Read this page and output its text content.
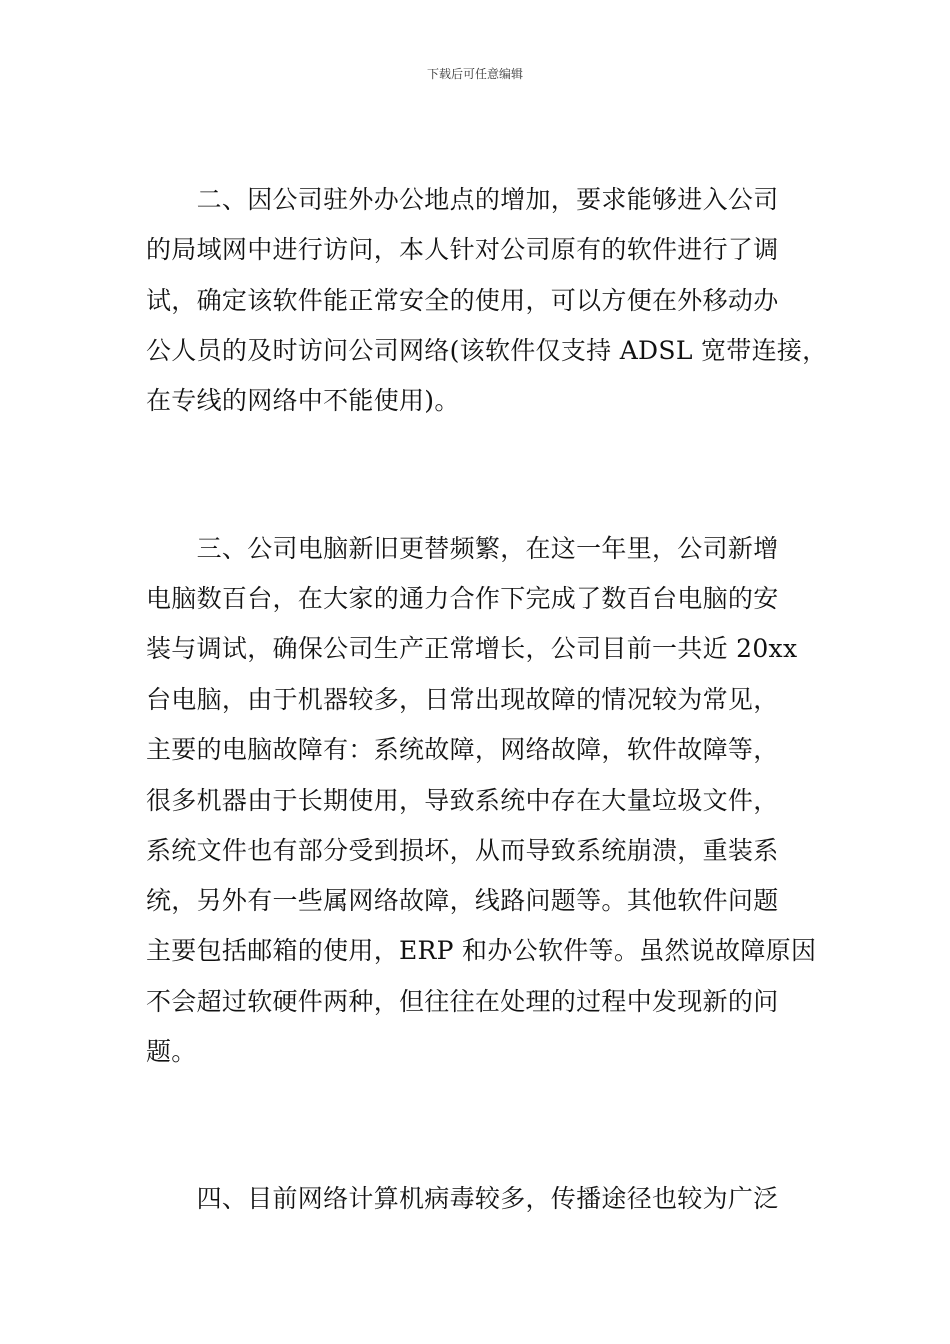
下载后可任意编辑
　　二、因公司驻外办公地点的增加，要求能够进入公司
的局域网中进行访问，本人针对公司原有的软件进行了调
试，确定该软件能正常安全的使用，可以方便在外移动办
公人员的及时访问公司网络(该软件仅支持 ADSL 宽带连接，
在专线的网络中不能使用)。
　　三、公司电脑新旧更替频繁，在这一年里，公司新增
电脑数百台，在大家的通力合作下完成了数百台电脑的安
装与调试，确保公司生产正常增长，公司目前一共近 20xx
台电脑，由于机器较多，日常出现故障的情况较为常见，
主要的电脑故障有：系统故障，网络故障，软件故障等，
很多机器由于长期使用，导致系统中存在大量垃圾文件，
系统文件也有部分受到损坏，从而导致系统崩溃，重装系
统，另外有一些属网络故障，线路问题等。其他软件问题
主要包括邮箱的使用，ERP 和办公软件等。虽然说故障原因
不会超过软硬件两种，但往往在处理的过程中发现新的问
题。
　　四、目前网络计算机病毒较多，传播途径也较为广泛
